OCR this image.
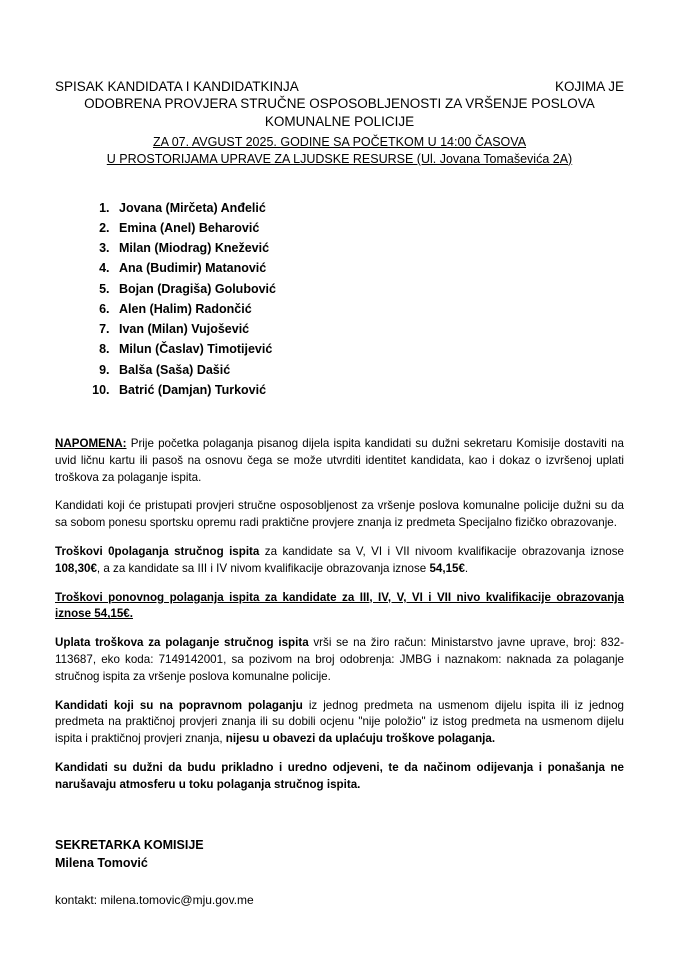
SPISAK KANDIDATA I KANDIDATKINJA	KOJIMA JE
ODOBRENA PROVJERA STRUČNE OSPOSOBLJENOSTI ZA VRŠENJE POSLOVA
KOMUNALNE POLICIJE
ZA 07. AVGUST 2025. GODINE SA POČETKOM U 14:00 ČASOVA
U PROSTORIJAMA UPRAVE ZA LJUDSKE RESURSE (Ul. Jovana Tomaševića 2A)
1. Jovana (Mirčeta) Anđelić
2. Emina (Anel) Beharović
3. Milan (Miodrag) Knežević
4. Ana (Budimir) Matanović
5. Bojan (Dragiša) Golubović
6. Alen (Halim) Radončić
7. Ivan (Milan) Vujošević
8. Milun (Časlav) Timotijević
9. Balša (Saša) Dašić
10. Batrić (Damjan) Turković

NAPOMENA: Prije početka polaganja pisanog dijela ispita kandidati su dužni sekretaru Komisije dostaviti na uvid ličnu kartu ili pasoš na osnovu čega se može utvrditi identitet kandidata, kao i dokaz o izvršenoj uplati troškova za polaganje ispita.

Kandidati koji će pristupati provjeri stručne osposobljenost za vršenje poslova komunalne policije dužni su da sa sobom ponesu sportsku opremu radi praktične provjere znanja iz predmeta Specijalno fizičko obrazovanje.

Troškovi 0polaganja stručnog ispita za kandidate sa V, VI i VII nivoom kvalifikacije obrazovanja iznose 108,30€, a za kandidate sa III i IV nivom kvalifikacije obrazovanja iznose 54,15€.

Troškovi ponovnog polaganja ispita za kandidate za III, IV, V, VI i VII nivo kvalifikacije obrazovanja iznose 54,15€.

Uplata troškova za polaganje stručnog ispita vrši se na žiro račun: Ministarstvo javne uprave, broj: 832-113687, eko koda: 7149142001, sa pozivom na broj odobrenja: JMBG i naznakom: naknada za polaganje stručnog ispita za vršenje poslova komunalne policije.

Kandidati koji su na popravnom polaganju iz jednog predmeta na usmenom dijelu ispita ili iz jednog predmeta na praktičnoj provjeri znanja ili su dobili ocjenu "nije položio" iz istog predmeta na usmenom dijelu ispita i praktičnoj provjeri znanja, nijesu u obavezi da uplaćuju troškove polaganja.

Kandidati su dužni da budu prikladno i uredno odjeveni, te da načinom odijevanja i ponašanja ne narušavaju atmosferu u toku polaganja stručnog ispita.

SEKRETARKA KOMISIJE
Milena Tomović
kontakt: milena.tomovic@mju.gov.me
